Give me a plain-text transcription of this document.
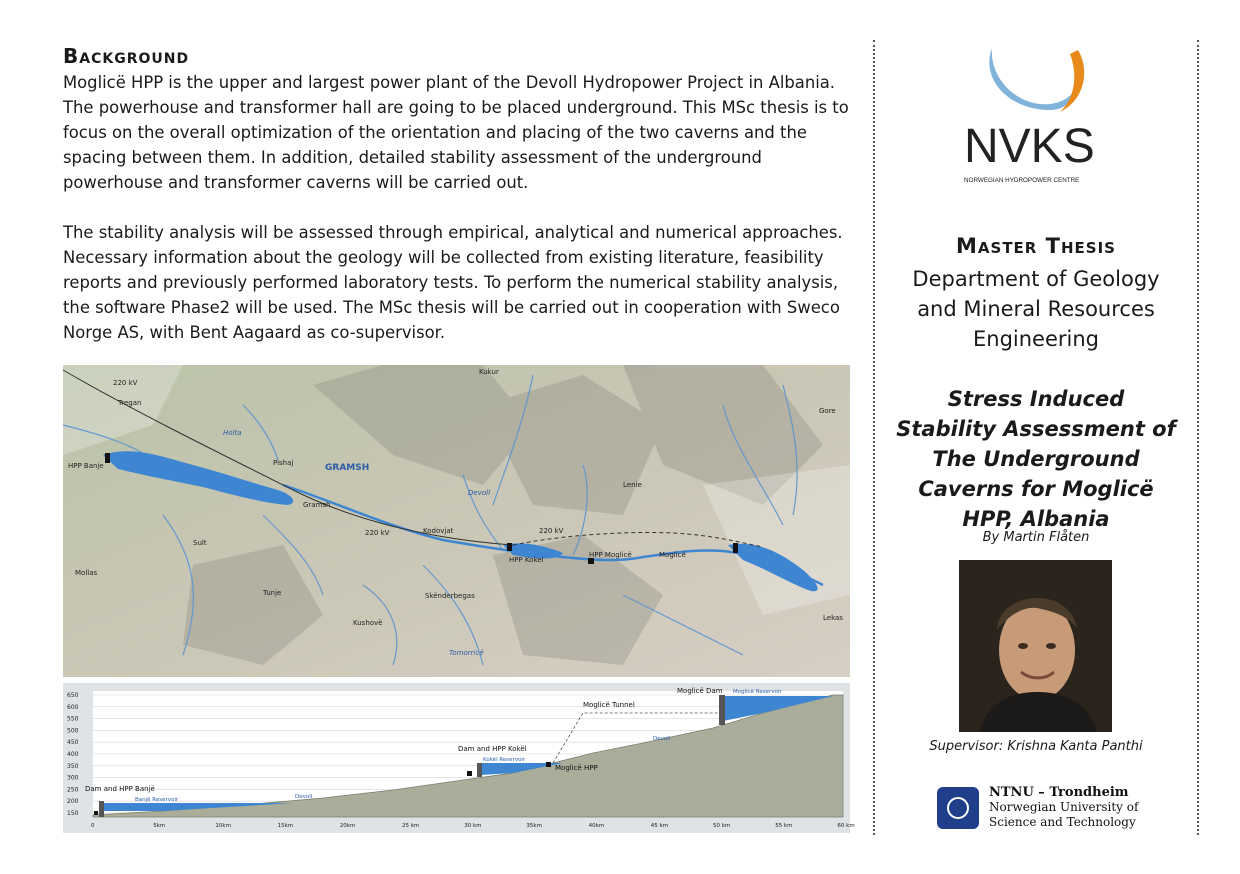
Background

Moglicë HPP is the upper and largest power plant of the Devoll Hydropower Project in Albania. The powerhouse and transformer hall are going to be placed underground. This MSc thesis is to focus on the overall optimization of the orientation and placing of the two caverns and the spacing between them. In addition, detailed stability assessment of the underground powerhouse and transformer caverns will be carried out.

The stability analysis will be assessed through empirical, analytical and numerical approaches. Necessary information about the geology will be collected from existing literature, feasibility reports and previously performed laboratory tests. To perform the numerical stability analysis, the software Phase2 will be used. The MSc thesis will be carried out in cooperation with Sweco Norge AS, with Bent Aagaard as co-supervisor.

Kukur
Tregan
GRAMSH
Gramsh
HPP Banje	Pishaj
Sult
Mollas
Tunje
Kushovë
Skënderbegas
Kodovjat
HPP Kokel
HPP Moglicë	Moglicë
Lenie
Gore
Lekas
220 kV
220 kV	220 kV
Holta
Devoll
Tomorricë
650
600
550
500
450
400
350
300
250
200
150
0	5km	10km	15km	20km	25 km	30 km	35km	40km	45 km	50 km	55 km	60 km
Dam and HPP Banjë
Banjë Reservoir	Devoll
Devoll
Dam and HPP Kokël
Kokël Reservoir
Moglicë HPP
Moglicë Tunnel
Moglicë Dam Moglicë Reservoir
NVKS
NORWEGIAN HYDROPOWER CENTRE
Master Thesis
Department of Geology and Mineral Resources Engineering
Stress Induced Stability Assessment of The Underground Caverns for Moglicë HPP, Albania
By Martin Flåten
Supervisor: Krishna Kanta Panthi
NTNU – Trondheim
Norwegian University of
Science and Technology
